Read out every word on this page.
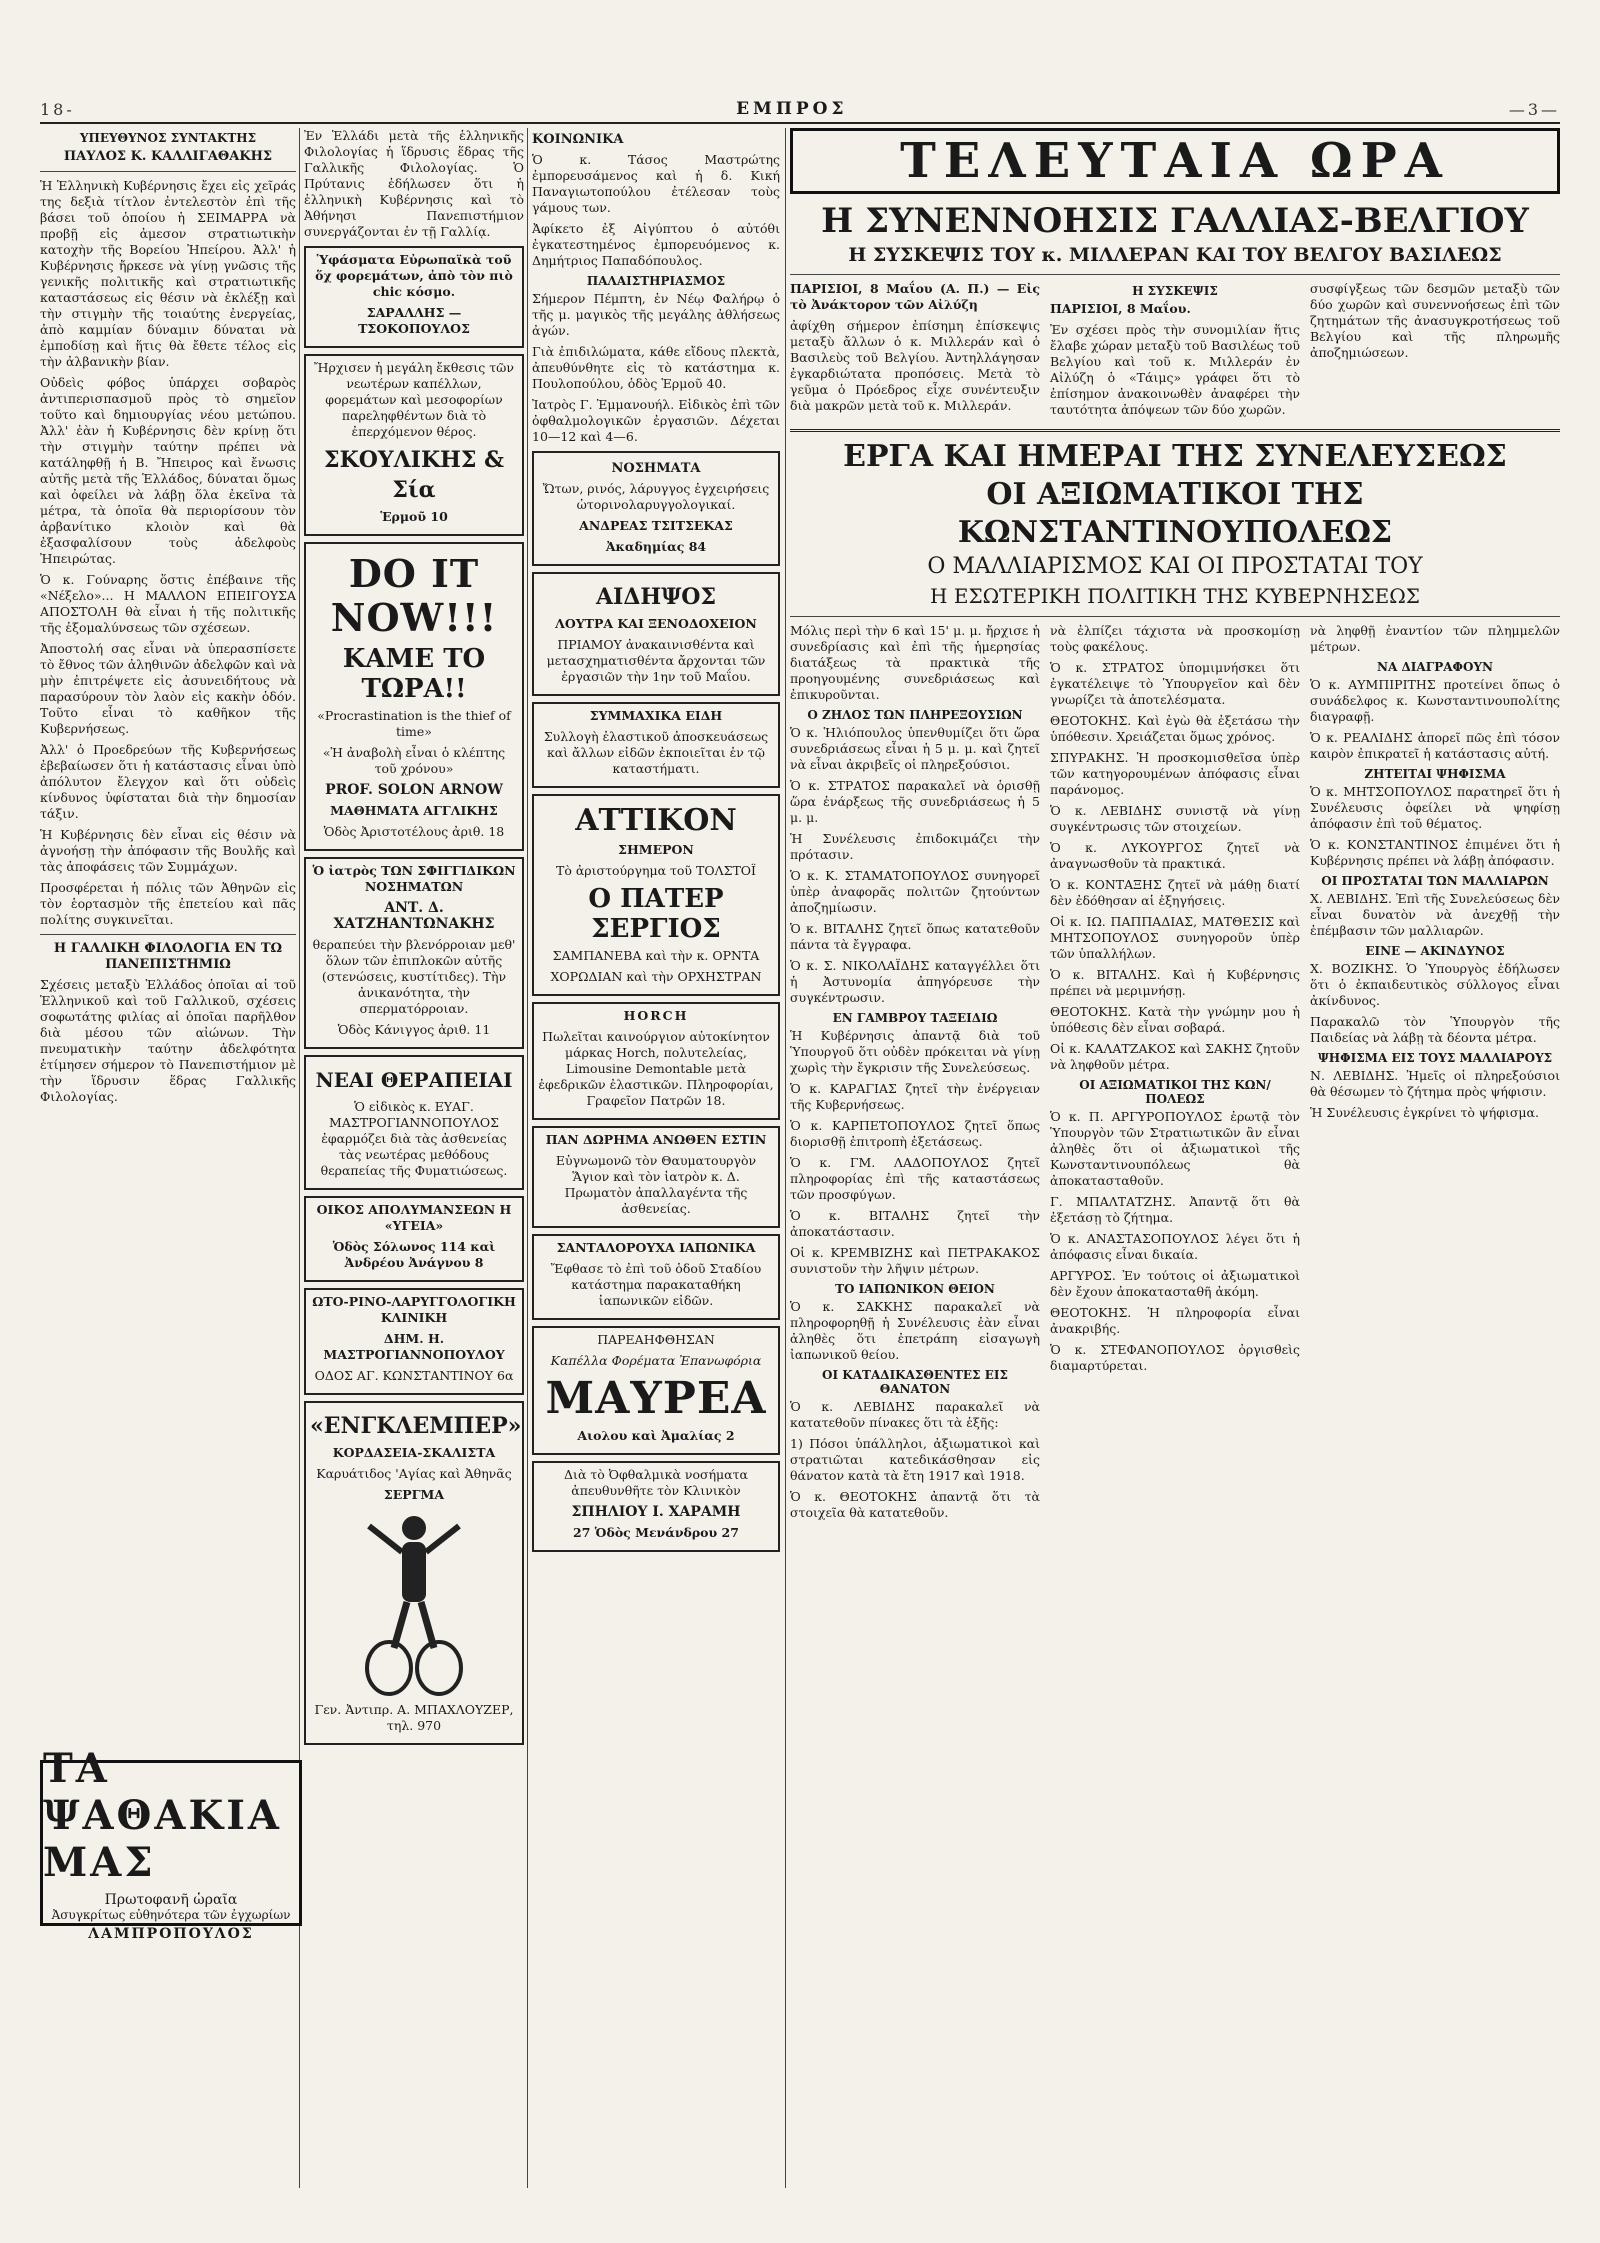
18-	ΕΜΠΡΟΣ	—3—
ΥΠΕΥΘΥΝΟΣ ΣΥΝΤΑΚΤΗΣ
ΠΑΥΛΟΣ Κ. ΚΑΛΛΙΓΑΘΑΚΗΣ

Ἡ Ἑλληνικὴ Κυβέρνησις ἔχει εἰς χεῖράς της δεξιὰ τίτλον ἐντελεστὸν ἐπὶ τῆς βάσει τοῦ ὁποίου ἡ ΣΕΙΜΑΡΡΑ νὰ προβῇ εἰς ἀμεσον στρατιωτικὴν κατοχὴν τῆς Βορείου Ἠπείρου. Ἀλλ' ἡ Κυβέρνησις ἤρκεσε νὰ γίνῃ γνῶσις τῆς γενικῆς πολιτικῆς καὶ στρατιωτικῆς καταστάσεως εἰς θέσιν νὰ ἐκλέξῃ καὶ τὴν στιγμὴν τῆς τοιαύτης ἐνεργείας, ἀπὸ καμμίαν δύναμιν δύναται νὰ ἐμποδίσῃ καὶ ἥτις θὰ ἔθετε τέλος εἰς τὴν ἀλβανικὴν βίαν.

Οὐδεὶς φόβος ὑπάρχει σοβαρὸς ἀντιπερισπασμοῦ πρὸς τὸ σημεῖον τοῦτο καὶ δημιουργίας νέου μετώπου. Ἀλλ' ἐὰν ἡ Κυβέρνησις δὲν κρίνῃ ὅτι τὴν στιγμὴν ταύτην πρέπει νὰ κατάληφθῇ ἡ Β. Ἤπειρος καὶ ἔνωσις αὐτῆς μετὰ τῆς Ἑλλάδος, δύναται ὅμως καὶ ὀφείλει νὰ λάβῃ ὅλα ἐκεῖνα τὰ μέτρα, τὰ ὁποῖα θὰ περιορίσουν τὸν ἀρβανίτικο κλοιὸν καὶ θὰ ἐξασφαλίσουν τοὺς ἀδελφοὺς Ἠπειρώτας.

Ὁ κ. Γούναρης ὅστις ἐπέβαινε τῆς «Νέξελο»... Η ΜΑΛΛΟΝ ΕΠΕΙΓΟΥΣΑ ΑΠΟΣΤΟΛΗ θὰ εἶναι ἡ τῆς πολιτικῆς τῆς ἐξομαλύνσεως τῶν σχέσεων.

Ἀποστολή σας εἶναι νὰ ὑπερασπίσετε τὸ ἔθνος τῶν ἀληθινῶν ἀδελφῶν καὶ νὰ μὴν ἐπιτρέψετε εἰς ἀσυνειδήτους νὰ παρασύρουν τὸν λαὸν εἰς κακὴν ὁδόν. Τοῦτο εἶναι τὸ καθῆκον τῆς Κυβερνήσεως.

Ἀλλ' ὁ Προεδρεύων τῆς Κυβερνήσεως ἐβεβαίωσεν ὅτι ἡ κατάστασις εἶναι ὑπὸ ἀπόλυτον ἔλεγχον καὶ ὅτι οὐδεὶς κίνδυνος ὑφίσταται διὰ τὴν δημοσίαν τάξιν.

Ἡ Κυβέρνησις δὲν εἶναι εἰς θέσιν νὰ ἀγνοήσῃ τὴν ἀπόφασιν τῆς Βουλῆς καὶ τὰς ἀποφάσεις τῶν Συμμάχων.

Προσφέρεται ἡ πόλις τῶν Ἀθηνῶν εἰς τὸν ἑορτασμὸν τῆς ἐπετείου καὶ πᾶς πολίτης συγκινεῖται.

Η ΓΑΛΛΙΚΗ ΦΙΛΟΛΟΓΙΑ ΕΝ ΤΩ ΠΑΝΕΠΙΣΤΗΜΙΩ

Σχέσεις μεταξὺ Ἑλλάδος ὁποῖαι αἱ τοῦ Ἑλληνικοῦ καὶ τοῦ Γαλλικοῦ, σχέσεις σοφωτάτης φιλίας αἱ ὁποῖαι παρῆλθον διὰ μέσου τῶν αἰώνων. Τὴν πνευματικὴν ταύτην ἀδελφότητα ἐτίμησεν σήμερον τὸ Πανεπιστήμιον μὲ τὴν ἵδρυσιν ἕδρας Γαλλικῆς Φιλολογίας.

ΤΑ ΨΑΘΑΚΙΑ ΜΑΣ
Πρωτοφανῆ ὡραῖα
Ἀσυγκρίτως εὐθηνότερα τῶν ἐγχωρίων
ΛΑΜΠΡΟΠΟΥΛΟΣ

Ἐν Ἑλλάδι μετὰ τῆς ἑλληνικῆς Φιλολογίας ἡ ἵδρυσις ἕδρας τῆς Γαλλικῆς Φιλολογίας. Ὁ Πρύτανις ἐδήλωσεν ὅτι ἡ ἑλληνικὴ Κυβέρνησις καὶ τὸ Ἀθήνησι Πανεπιστήμιον συνεργάζονται ἐν τῇ Γαλλίᾳ.

Ὑφάσματα Εὐρωπαϊκὰ τοῦ ὅχ φορεμάτων, ἀπὸ τὸν πιὸ chic κόσμο.

ΣΑΡΑΛΛΗΣ — ΤΣΟΚΟΠΟΥΛΟΣ

Ἤρχισεν ἡ μεγάλη ἔκθεσις τῶν νεωτέρων καπέλλων, φορεμάτων καὶ μεσοφορίων παρεληφθέντων διὰ τὸ ἐπερχόμενον θέρος.

ΣΚΟΥΛΙΚΗΣ & Σία

Ἑρμοῦ 10

DO IT NOW!!!
ΚΑΜΕ ΤΟ ΤΩΡΑ!!

«Procrastination is the thief of time»

«Ἡ ἀναβολὴ εἶναι ὁ κλέπτης τοῦ χρόνου»

PROF. SOLON ARNOW

ΜΑΘΗΜΑΤΑ ΑΓΓΛΙΚΗΣ

Ὁδὸς Ἀριστοτέλους ἀριθ. 18

Ὁ ἰατρὸς ΤΩΝ ΣΦΙΓΓΙΔΙΚΩΝ ΝΟΣΗΜΑΤΩΝ

ΑΝΤ. Δ. ΧΑΤΖΗΑΝΤΩΝΑΚΗΣ

θεραπεύει τὴν βλενόρροιαν μεθ' ὅλων τῶν ἐπιπλοκῶν αὐτῆς (στενώσεις, κυστίτιδες). Τὴν ἀνικανότητα, τὴν σπερματόρροιαν.

Ὁδὸς Κάνιγγος ἀριθ. 11

ΝΕΑΙ ΘΕΡΑΠΕΙΑΙ

Ὁ εἰδικὸς κ. ΕΥΑΓ. ΜΑΣΤΡΟΓΙΑΝΝΟΠΟΥΛΟΣ ἐφαρμόζει διὰ τὰς ἀσθενείας τὰς νεωτέρας μεθόδους θεραπείας τῆς Φυματιώσεως.

ΟΙΚΟΣ ΑΠΟΛΥΜΑΝΣΕΩΝ Η «ΥΓΕΙΑ»

Ὁδὸς Σόλωνος 114 καὶ Ἀνδρέου Ἀνάγνου 8

ΩΤΟ-ΡΙΝΟ-ΛΑΡΥΓΓΟΛΟΓΙΚΗ ΚΛΙΝΙΚΗ

ΔΗΜ. Η. ΜΑΣΤΡΟΓΙΑΝΝΟΠΟΥΛΟΥ

ΟΔΟΣ ΑΓ. ΚΩΝΣΤΑΝΤΙΝΟΥ 6α

«ΕΝΓΚΛΕΜΠΕΡ»

ΚΟΡΔΑΣΕΙΑ-ΣΚΑΛΙΣΤΑ

Καρυάτιδος 'Αγίας καὶ Ἀθηνᾶς

ΣΕΡΓΜΑ

Γεν. Ἀντιπρ. Α. ΜΠΑΧΛΟΥΖΕΡ, τηλ. 970

ΚΟΙΝΩΝΙΚΑ

Ὁ κ. Τάσος Μαστρώτης ἐμπορευσάμενος καὶ ἡ δ. Κική Παναγιωτοπούλου ἐτέλεσαν τοὺς γάμους των.

Ἀφίκετο ἐξ Αἰγύπτου ὁ αὐτόθι ἐγκατεστημένος ἐμπορευόμενος κ. Δημήτριος Παπαδόπουλος.

ΠΑΛΑΙΣΤΗΡΙΑΣΜΟΣ

Σήμερον Πέμπτη, ἐν Νέῳ Φαλήρῳ ὁ τῆς μ. μαγικὸς τῆς μεγάλης ἀθλήσεως ἀγών.

Γιὰ ἐπιδιλώματα, κάθε εἴδους πλεκτὰ, ἀπευθύνθητε εἰς τὸ κατάστημα κ. Πουλοπούλου, ὁδὸς Ἑρμοῦ 40.

Ἰατρὸς Γ. Ἐμμανουήλ. Εἰδικὸς ἐπὶ τῶν ὀφθαλμολογικῶν ἐργασιῶν. Δέχεται 10—12 καὶ 4—6.

ΝΟΣΗΜΑΤΑ

Ὤτων, ρινός, λάρυγγος ἐγχειρήσεις ὠτορινολαρυγγολογικαί.

ΑΝΔΡΕΑΣ ΤΣΙΤΣΕΚΑΣ

Ἀκαδημίας 84

ΑΙΔΗΨΟΣ

ΛΟΥΤΡΑ ΚΑΙ ΞΕΝΟΔΟΧΕΙΟΝ

ΠΡΙΑΜΟΥ ἀνακαινισθέντα καὶ μετασχηματισθέντα ἄρχονται τῶν ἐργασιῶν τὴν 1ην τοῦ Μαΐου.

ΣΥΜΜΑΧΙΚΑ ΕΙΔΗ

Συλλογὴ ἐλαστικοῦ ἀποσκευάσεως καὶ ἄλλων εἰδῶν ἐκποιεῖται ἐν τῷ καταστήματι.

ΑΤΤΙΚΟΝ

ΣΗΜΕΡΟΝ

Τὸ ἀριστούργημα τοῦ ΤΟΛΣΤΟΪ

Ο ΠΑΤΕΡ ΣΕΡΓΙΟΣ

ΣΑΜΠΑΝΕΒΑ καὶ τὴν κ. ΟΡΝΤΑ

ΧΟΡΩΔΙΑΝ καὶ τὴν ΟΡΧΗΣΤΡΑΝ

HORCH

Πωλεῖται καινούργιον αὐτοκίνητον μάρκας Horch, πολυτελείας, Limousine Demontable μετὰ ἐφεδρικῶν ἐλαστικῶν. Πληροφορίαι, Γραφεῖον Πατρῶν 18.

ΠΑΝ ΔΩΡΗΜΑ ΑΝΩΘΕΝ ΕΣΤΙΝ

Εὐγνωμονῶ τὸν Θαυματουργὸν Ἅγιον καὶ τὸν ἰατρὸν κ. Δ. Πρωματὸν ἀπαλλαγέντα τῆς ἀσθενείας.

ΣΑΝΤΑΛΟΡΟΥΧΑ ΙΑΠΩΝΙΚΑ

Ἔφθασε τὸ ἐπὶ τοῦ ὁδοῦ Σταδίου κατάστημα παρακαταθήκη ἰαπωνικῶν εἰδῶν.

ΠΑΡΕΑΗΦΘΗΣΑΝ

Καπέλλα Φορέματα Ἐπανωφόρια

ΜΑΥΡΕΑ

Αιολου καὶ Ἀμαλίας 2

Διὰ τὸ Ὀφθαλμικὰ νοσήματα ἀπευθυνθῆτε τὸν Κλινικὸν

ΣΠΗΛΙΟΥ Ι. ΧΑΡΑΜΗ

27 Ὁδὸς Μενάνδρου 27

ΤΕΛΕΥΤΑΙΑ ΩΡΑ
Η ΣΥΝΕΝΝΟΗΣΙΣ ΓΑΛΛΙΑΣ-ΒΕΛΓΙΟΥ
Η ΣΥΣΚΕΨΙΣ ΤΟΥ κ. ΜΙΛΛΕΡΑΝ ΚΑΙ ΤΟΥ ΒΕΛΓΟΥ ΒΑΣΙΛΕΩΣ

ΠΑΡΙΣΙΟΙ, 8 Μαΐου (Α. Π.) — Εἰς τὸ Ἀνάκτορον τῶν Αἰλύζη

ἀφίχθη σήμερον ἐπίσημη ἐπίσκεψις μεταξὺ ἄλλων ὁ κ. Μιλλεράν καὶ ὁ Βασιλεὺς τοῦ Βελγίου. Ἀντηλλάγησαν ἐγκαρδιώτατα προπόσεις. Μετὰ τὸ γεῦμα ὁ Πρόεδρος εἶχε συνέντευξιν διὰ μακρῶν μετὰ τοῦ κ. Μιλλεράν.

Η ΣΥΣΚΕΨΙΣ

ΠΑΡΙΣΙΟΙ, 8 Μαΐου.

Ἐν σχέσει πρὸς τὴν συνομιλίαν ἥτις ἔλαβε χώραν μεταξὺ τοῦ Βασιλέως τοῦ Βελγίου καὶ τοῦ κ. Μιλλεράν ἐν Αἰλύζη ὁ «Τάιμς» γράφει ὅτι τὸ ἐπίσημον ἀνακοινωθὲν ἀναφέρει τὴν ταυτότητα ἀπόψεων τῶν δύο χωρῶν.

συσφίγξεως τῶν δεσμῶν μεταξὺ τῶν δύο χωρῶν καὶ συνεννοήσεως ἐπὶ τῶν ζητημάτων τῆς ἀνασυγκροτήσεως τοῦ Βελγίου καὶ τῆς πληρωμῆς ἀποζημιώσεων.

ΕΡΓΑ ΚΑΙ ΗΜΕΡΑΙ ΤΗΣ ΣΥΝΕΛΕΥΣΕΩΣ
ΟΙ ΑΞΙΩΜΑΤΙΚΟΙ ΤΗΣ ΚΩΝΣΤΑΝΤΙΝΟΥΠΟΛΕΩΣ
Ο ΜΑΛΛΙΑΡΙΣΜΟΣ ΚΑΙ ΟΙ ΠΡΟΣΤΑΤΑΙ ΤΟΥ
Η ΕΣΩΤΕΡΙΚΗ ΠΟΛΙΤΙΚΗ ΤΗΣ ΚΥΒΕΡΝΗΣΕΩΣ

Μόλις περὶ τὴν 6 καὶ 15' μ. μ. ἤρχισε ἡ συνεδρίασις καὶ ἐπὶ τῆς ἡμερησίας διατάξεως τὰ πρακτικὰ τῆς προηγουμένης συνεδριάσεως καὶ ἐπικυροῦνται.

Ο ΖΗΛΟΣ ΤΩΝ ΠΛΗΡΕΞΟΥΣΙΩΝ

Ὁ κ. Ἡλιόπουλος ὑπενθυμίζει ὅτι ὥρα συνεδριάσεως εἶναι ἡ 5 μ. μ. καὶ ζητεῖ νὰ εἶναι ἀκριβεῖς οἱ πληρεξούσιοι.

Ὁ κ. ΣΤΡΑΤΟΣ παρακαλεῖ νὰ ὁρισθῇ ὥρα ἐνάρξεως τῆς συνεδριάσεως ἡ 5 μ. μ.

Ἡ Συνέλευσις ἐπιδοκιμάζει τὴν πρότασιν.

Ὁ κ. Κ. ΣΤΑΜΑΤΟΠΟΥΛΟΣ συνηγορεῖ ὑπὲρ ἀναφορᾶς πολιτῶν ζητούντων ἀποζημίωσιν.

Ὁ κ. ΒΙΤΑΛΗΣ ζητεῖ ὅπως κατατεθοῦν πάντα τὰ ἔγγραφα.

Ὁ κ. Σ. ΝΙΚΟΛΑΪΔΗΣ καταγγέλλει ὅτι ἡ Ἀστυνομία ἀπηγόρευσε τὴν συγκέντρωσιν.

ΕΝ ΓΑΜΒΡΟΥ ΤΑΞΕΙΔΙΩ

Ἡ Κυβέρνησις ἀπαντᾷ διὰ τοῦ Ὑπουργοῦ ὅτι οὐδὲν πρόκειται νὰ γίνῃ χωρὶς τὴν ἔγκρισιν τῆς Συνελεύσεως.

Ὁ κ. ΚΑΡΑΓΙΑΣ ζητεῖ τὴν ἐνέργειαν τῆς Κυβερνήσεως.

Ὁ κ. ΚΑΡΠΕΤΟΠΟΥΛΟΣ ζητεῖ ὅπως διορισθῇ ἐπιτροπὴ ἐξετάσεως.

Ὁ κ. ΓΜ. ΛΑΔΟΠΟΥΛΟΣ ζητεῖ πληροφορίας ἐπὶ τῆς καταστάσεως τῶν προσφύγων.

Ὁ κ. ΒΙΤΑΛΗΣ ζητεῖ τὴν ἀποκατάστασιν.

Οἱ κ. ΚΡΕΜΒΙΖΗΣ καὶ ΠΕΤΡΑΚΑΚΟΣ συνιστοῦν τὴν λῆψιν μέτρων.

ΤΟ ΙΑΠΩΝΙΚΟΝ ΘΕΙΟΝ

Ὁ κ. ΣΑΚΚΗΣ παρακαλεῖ νὰ πληροφορηθῇ ἡ Συνέλευσις ἐὰν εἶναι ἀληθὲς ὅτι ἐπετράπη εἰσαγωγὴ ἰαπωνικοῦ θείου.

ΟΙ ΚΑΤΑΔΙΚΑΣΘΕΝΤΕΣ ΕΙΣ ΘΑΝΑΤΟΝ

Ὁ κ. ΛΕΒΙΔΗΣ παρακαλεῖ νὰ κατατεθοῦν πίνακες ὅτι τὰ ἑξῆς:

1) Πόσοι ὑπάλληλοι, ἀξιωματικοὶ καὶ στρατιῶται κατεδικάσθησαν εἰς θάνατον κατὰ τὰ ἔτη 1917 καὶ 1918.

Ὁ κ. ΘΕΟΤΟΚΗΣ ἀπαντᾷ ὅτι τὰ στοιχεῖα θὰ κατατεθοῦν.

νὰ ἐλπίζει τάχιστα νὰ προσκομίσῃ τοὺς φακέλους.

Ὁ κ. ΣΤΡΑΤΟΣ ὑπομιμνήσκει ὅτι ἐγκατέλειψε τὸ Ὑπουργεῖον καὶ δὲν γνωρίζει τὰ ἀποτελέσματα.

ΘΕΟΤΟΚΗΣ. Καὶ ἐγὼ θὰ ἐξετάσω τὴν ὑπόθεσιν. Χρειάζεται ὅμως χρόνος.

ΣΠΥΡΑΚΗΣ. Ἡ προσκομισθεῖσα ὑπὲρ τῶν κατηγορουμένων ἀπόφασις εἶναι παράνομος.

Ὁ κ. ΛΕΒΙΔΗΣ συνιστᾷ νὰ γίνῃ συγκέντρωσις τῶν στοιχείων.

Ὁ κ. ΛΥΚΟΥΡΓΟΣ ζητεῖ νὰ ἀναγνωσθοῦν τὰ πρακτικά.

Ὁ κ. ΚΟΝΤΑΞΗΣ ζητεῖ νὰ μάθῃ διατί δὲν ἐδόθησαν αἱ ἐξηγήσεις.

Οἱ κ. ΙΩ. ΠΑΠΠΑΔΙΑΣ, ΜΑΤΘΕΣΙΣ καὶ ΜΗΤΣΟΠΟΥΛΟΣ συνηγοροῦν ὑπὲρ τῶν ὑπαλλήλων.

Ὁ κ. ΒΙΤΑΛΗΣ. Καὶ ἡ Κυβέρνησις πρέπει νὰ μεριμνήσῃ.

ΘΕΟΤΟΚΗΣ. Κατὰ τὴν γνώμην μου ἡ ὑπόθεσις δὲν εἶναι σοβαρά.

Οἱ κ. ΚΑΛΑΤΖΑΚΟΣ καὶ ΣΑΚΗΣ ζητοῦν νὰ ληφθοῦν μέτρα.

ΟΙ ΑΞΙΩΜΑΤΙΚΟΙ ΤΗΣ ΚΩΝ/ΠΟΛΕΩΣ

Ὁ κ. Π. ΑΡΓΥΡΟΠΟΥΛΟΣ ἐρωτᾷ τὸν Ὑπουργὸν τῶν Στρατιωτικῶν ἂν εἶναι ἀληθὲς ὅτι οἱ ἀξιωματικοὶ τῆς Κωνσταντινουπόλεως θὰ ἀποκατασταθοῦν.

Γ. ΜΠΑΛΤΑΤΖΗΣ. Ἀπαντᾷ ὅτι θὰ ἐξετάσῃ τὸ ζήτημα.

Ὁ κ. ΑΝΑΣΤΑΣΟΠΟΥΛΟΣ λέγει ὅτι ἡ ἀπόφασις εἶναι δικαία.

ΑΡΓΥΡΟΣ. Ἐν τούτοις οἱ ἀξιωματικοὶ δὲν ἔχουν ἀποκατασταθῆ ἀκόμη.

ΘΕΟΤΟΚΗΣ. Ἡ πληροφορία εἶναι ἀνακριβής.

Ὁ κ. ΣΤΕΦΑΝΟΠΟΥΛΟΣ ὀργισθεὶς διαμαρτύρεται.

νὰ ληφθῇ ἐναντίον τῶν πλημμελῶν μέτρων.

ΝΑ ΔΙΑΓΡΑΦΟΥΝ

Ὁ κ. ΑΥΜΠΙΡΙΤΗΣ προτείνει ὅπως ὁ συνάδελφος κ. Κωνσταντινουπολίτης διαγραφῇ.

Ὁ κ. ΡΕΑΛΙΔΗΣ ἀπορεῖ πῶς ἐπὶ τόσον καιρὸν ἐπικρατεῖ ἡ κατάστασις αὐτή.

ΖΗΤΕΙΤΑΙ ΨΗΦΙΣΜΑ

Ὁ κ. ΜΗΤΣΟΠΟΥΛΟΣ παρατηρεῖ ὅτι ἡ Συνέλευσις ὀφείλει νὰ ψηφίσῃ ἀπόφασιν ἐπὶ τοῦ θέματος.

Ὁ κ. ΚΟΝΣΤΑΝΤΙΝΟΣ ἐπιμένει ὅτι ἡ Κυβέρνησις πρέπει νὰ λάβῃ ἀπόφασιν.

ΟΙ ΠΡΟΣΤΑΤΑΙ ΤΩΝ ΜΑΛΛΙΑΡΩΝ

Χ. ΛΕΒΙΔΗΣ. Ἐπὶ τῆς Συνελεύσεως δὲν εἶναι δυνατὸν νὰ ἀνεχθῇ τὴν ἐπέμβασιν τῶν μαλλιαρῶν.

ΕΙΝΕ — ΑΚΙΝΔΥΝΟΣ

Χ. ΒΟΖΙΚΗΣ. Ὁ Ὑπουργὸς ἐδήλωσεν ὅτι ὁ ἐκπαιδευτικὸς σύλλογος εἶναι ἀκίνδυνος.

Παρακαλῶ τὸν Ὑπουργὸν τῆς Παιδείας νὰ λάβῃ τὰ δέοντα μέτρα.

ΨΗΦΙΣΜΑ ΕΙΣ ΤΟΥΣ ΜΑΛΛΙΑΡΟΥΣ

Ν. ΛΕΒΙΔΗΣ. Ἡμεῖς οἱ πληρεξούσιοι θὰ θέσωμεν τὸ ζήτημα πρὸς ψήφισιν.

Ἡ Συνέλευσις ἐγκρίνει τὸ ψήφισμα.
